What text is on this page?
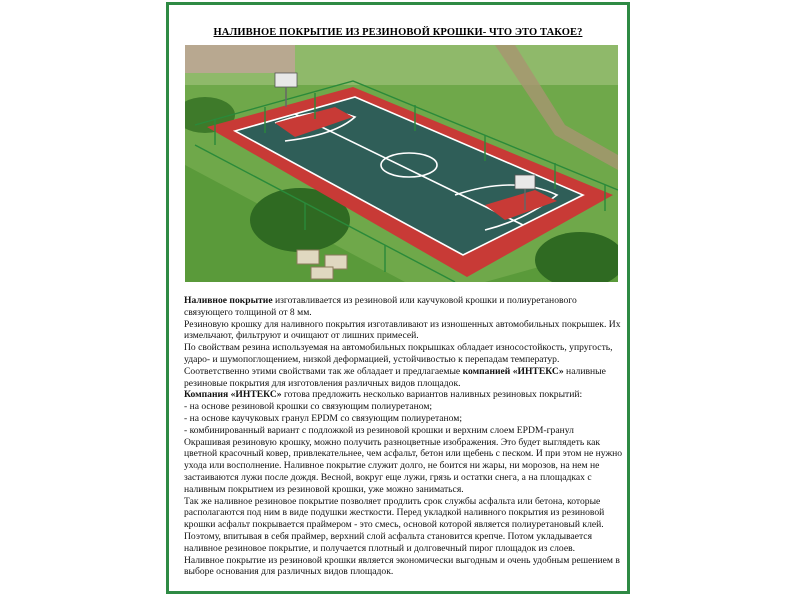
НАЛИВНОЕ ПОКРЫТИЕ ИЗ РЕЗИНОВОЙ КРОШКИ- ЧТО ЭТО ТАКОЕ?

Наливное покрытие изготавливается из резиновой или каучуковой крошки и полиуретанового связующего толщиной от 8 мм.

Резиновую крошку для наливного покрытия изготавливают из изношенных автомобильных покрышек. Их измельчают, фильтруют и очищают от лишних примесей.

По свойствам резина используемая на автомобильных покрышках обладает износостойкость, упругость, ударо- и шумопоглощением, низкой деформацией, устойчивостью к перепадам температур. Соответственно этими свойствами так же обладает и предлагаемые компанией «ИНТЕКС» наливные резиновые покрытия для изготовления различных видов площадок.

Компания «ИНТЕКС» готова предложить несколько вариантов наливных резиновых покрытий:

- на основе резиновой крошки со связующим полиуретаном;

- на основе каучуковых гранул EPDM со связующим полиуретаном;

- комбинированный вариант с подложкой из резиновой крошки и верхним слоем EPDM-гранул

Окрашивая резиновую крошку, можно получить разноцветные изображения. Это будет выглядеть как цветной красочный ковер, привлекательнее, чем асфальт, бетон или щебень с песком. И при этом не нужно ухода или восполнение. Наливное покрытие служит долго, не боится ни жары, ни морозов, на нем не застаиваются лужи после дождя. Весной, вокруг еще лужи, грязь и остатки снега, а на площадках с наливным покрытием из резиновой крошки, уже можно заниматься.

Так же наливное резиновое покрытие позволяет продлить срок службы асфальта или бетона, которые располагаются под ним в виде подушки жесткости. Перед укладкой наливного покрытия из резиновой крошки асфальт покрывается праймером - это смесь, основой которой является полиуретановый клей. Поэтому, впитывая в себя праймер, верхний слой асфальта становится крепче. Потом укладывается наливное резиновое покрытие, и получается плотный и долговечный пирог площадок из слоев.

Наливное покрытие из резиновой крошки является экономически выгодным и очень удобным решением в выборе основания для различных видов площадок.
